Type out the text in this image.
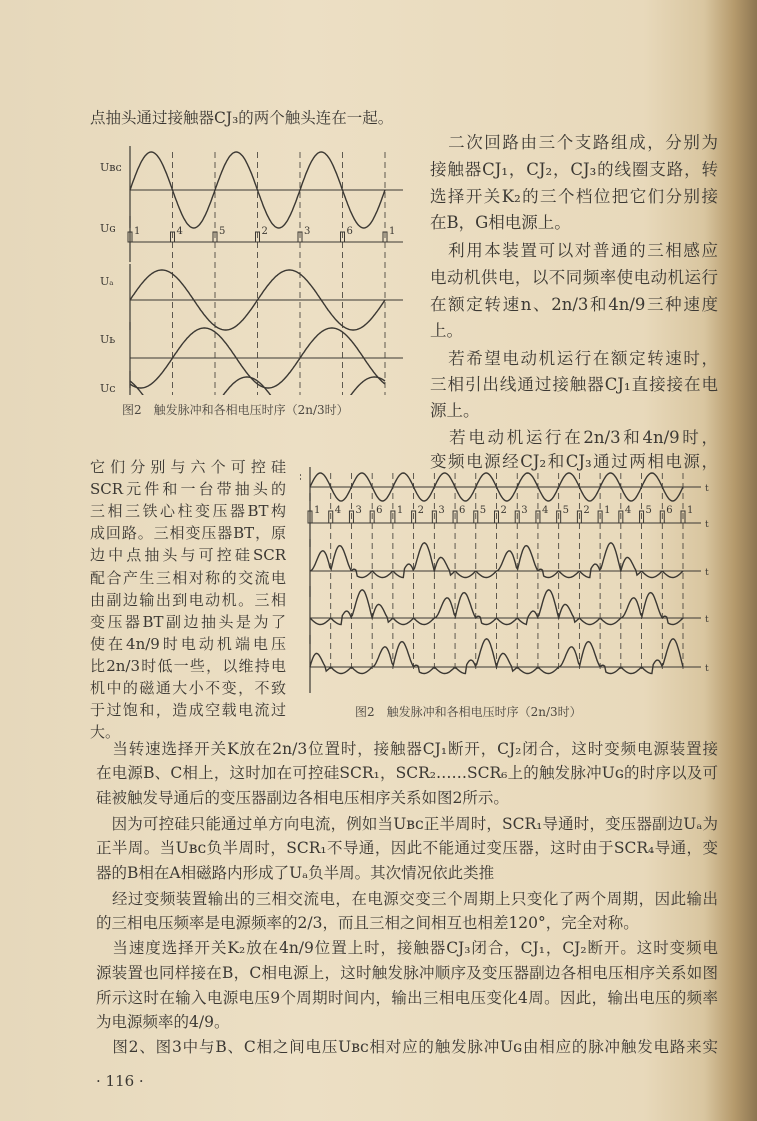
点抽头通过接触器CJ₃的两个触头连在一起。
　二次回路由三个支路组成，分别为
接触器CJ₁，CJ₂，CJ₃的线圈支路，转
选择开关K₂的三个档位把它们分别接
在B，G相电源上。
　利用本装置可以对普通的三相感应
电动机供电，以不同频率使电动机运行
在额定转速n、2n/3和4n/9三种速度
上。
　若希望电动机运行在额定转速时，
三相引出线通过接触器CJ₁直接接在电
源上。
　若电动机运行在2n/3和4n/9时，
变频电源经CJ₂和CJ₃通过两相电源，
它们分别与六个可控硅
SCR元件和一台带抽头的
三相三铁心柱变压器BT构
成回路。三相变压器BT，原
边中点抽头与可控硅SCR
配合产生三相对称的交流电
由副边输出到电动机。三相
变压器BT副边抽头是为了
使在4n/9时电动机端电压
比2n/3时低一些，以维持电
机中的磁通大小不变，不致
于过饱和，造成空载电流过
大。
　当转速选择开关K放在2n/3位置时，接触器CJ₁断开，CJ₂闭合，这时变频电源装置接
在电源B、C相上，这时加在可控硅SCR₁，SCR₂……SCR₆上的触发脉冲Uɢ的时序以及可
硅被触发导通后的变压器副边各相电压相序关系如图2所示。
　因为可控硅只能通过单方向电流，例如当Uʙᴄ正半周时，SCR₁导通时，变压器副边Uₐ为
正半周。当Uʙᴄ负半周时，SCR₁不导通，因此不能通过变压器，这时由于SCR₄导通，变
器的B相在A相磁路内形成了Uₐ负半周。其次情况依此类推
　经过变频装置输出的三相交流电，在电源交变三个周期上只变化了两个周期，因此输出
的三相电压频率是电源频率的2/3，而且三相之间相互也相差120°，完全对称。
　当速度选择开关K₂放在4n/9位置上时，接触器CJ₃闭合，CJ₁，CJ₂断开。这时变频电
源装置也同样接在B，C相电源上，这时触发脉冲顺序及变压器副边各相电压相序关系如图
所示这时在输入电源电压9个周期时间内，输出三相电压变化4周。因此，输出电压的频率
为电源频率的4/9。
　图2、图3中与B、C相之间电压Uʙᴄ相对应的触发脉冲Uɢ由相应的脉冲触发电路来实
Uʙᴄ
Uɢ
Uₐ
Uь
Uᴄ
1	4	5	2	3	6	1
图2　触发脉冲和各相电压时序（2n/3时）
t
t
t
t
t
1 4 3 6 1 2 3 6 5 2 3 4 5 2 1 4 5 6 1
图2　触发脉冲和各相电压时序（2n/3时）
· 116 ·
